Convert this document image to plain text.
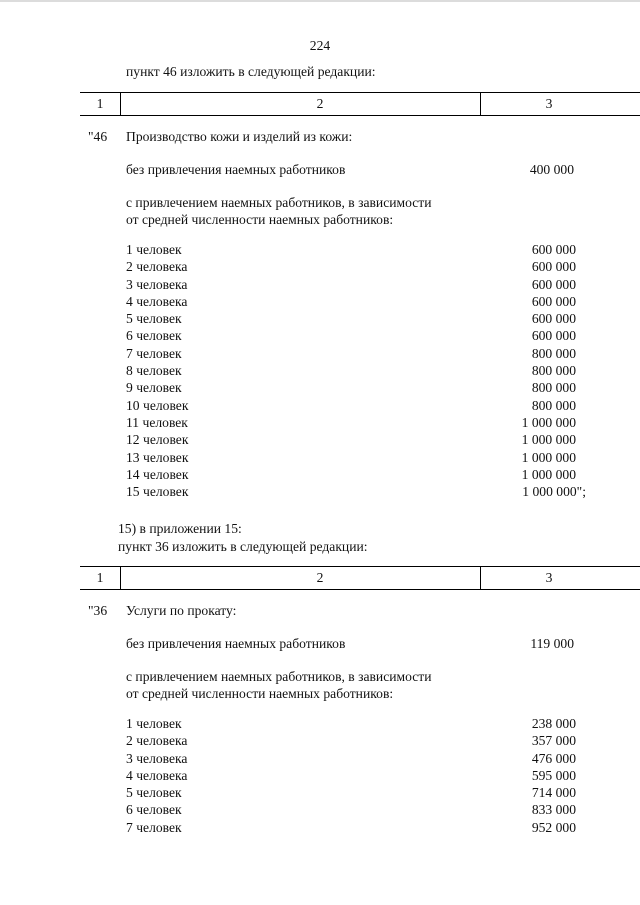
224
пункт 46 изложить в следующей редакции:
1	2	3
"46 Производство кожи и изделий из кожи:
без привлечения наемных работников	400 000
с привлечением наемных работников, в зависимости
от средней численности наемных работников:
1 человек	600 000
2 человека	600 000
3 человека	600 000
4 человека	600 000
5 человек	600 000
6 человек	600 000
7 человек	800 000
8 человек	800 000
9 человек	800 000
10 человек	800 000
11 человек	1 000 000
12 человек	1 000 000
13 человек	1 000 000
14 человек	1 000 000
15 человек	1 000 000";
15) в приложении 15:
пункт 36 изложить в следующей редакции:
1	2	3
"36 Услуги по прокату:
без привлечения наемных работников	119 000
с привлечением наемных работников, в зависимости
от средней численности наемных работников:
1 человек	238 000
2 человека	357 000
3 человека	476 000
4 человека	595 000
5 человек	714 000
6 человек	833 000
7 человек	952 000
